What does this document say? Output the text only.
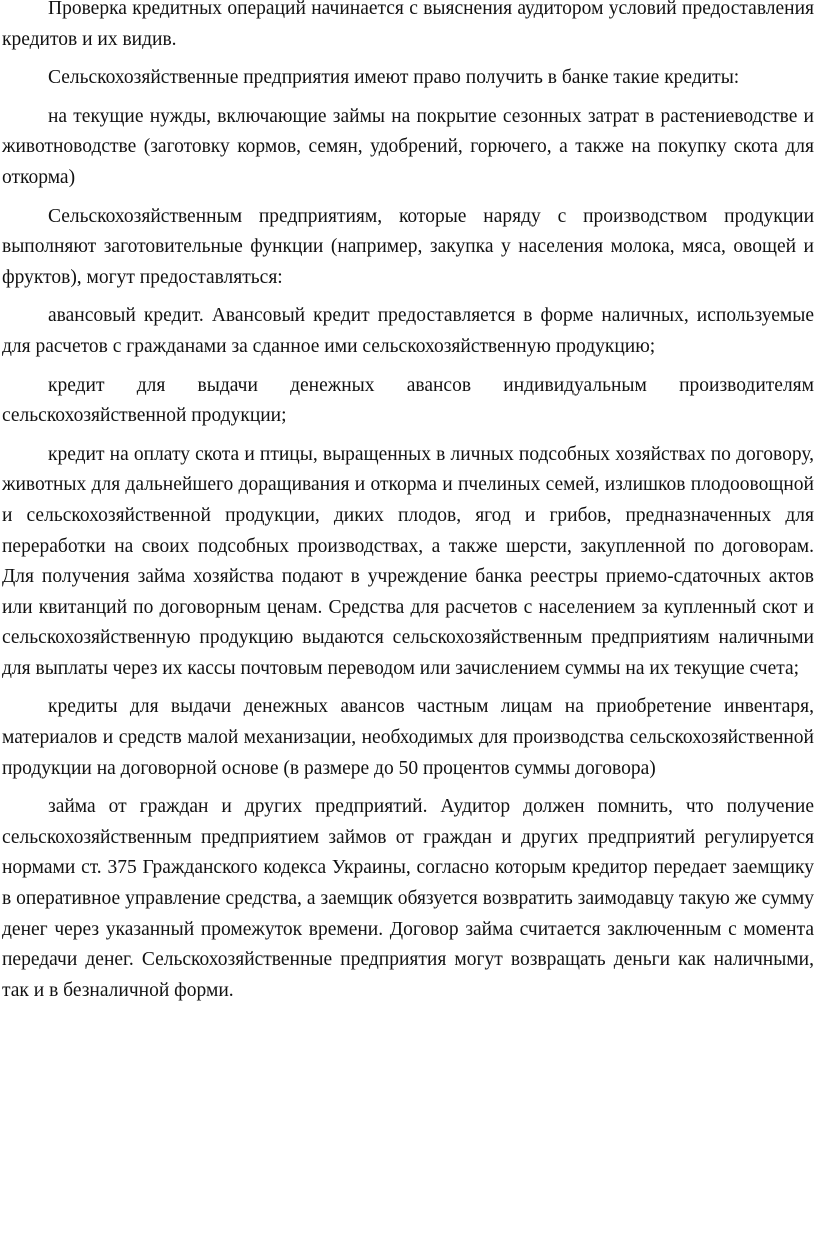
Проверка кредитных операций начинается с выяснения аудитором условий предоставления кредитов и их видив.

Сельскохозяйственные предприятия имеют право получить в банке такие кредиты:

на текущие нужды, включающие займы на покрытие сезонных затрат в растениеводстве и животноводстве (заготовку кормов, семян, удобрений, горючего, а также на покупку скота для откорма)

Сельскохозяйственным предприятиям, которые наряду с производством продукции выполняют заготовительные функции (например, закупка у населения молока, мяса, овощей и фруктов), могут предоставляться:

авансовый кредит. Авансовый кредит предоставляется в форме наличных, используемые для расчетов с гражданами за сданное ими сельскохозяйственную продукцию;

кредит для выдачи денежных авансов индивидуальным производителям сельскохозяйственной продукции;

кредит на оплату скота и птицы, выращенных в личных подсобных хозяйствах по договору, животных для дальнейшего доращивания и откорма и пчелиных семей, излишков плодоовощной и сельскохозяйственной продукции, диких плодов, ягод и грибов, предназначенных для переработки на своих подсобных производствах, а также шерсти, закупленной по договорам. Для получения займа хозяйства подают в учреждение банка реестры приемо-сдаточных актов или квитанций по договорным ценам. Средства для расчетов с населением за купленный скот и сельскохозяйственную продукцию выдаются сельскохозяйственным предприятиям наличными для выплаты через их кассы почтовым переводом или зачислением суммы на их текущие счета;

кредиты для выдачи денежных авансов частным лицам на приобретение инвентаря, материалов и средств малой механизации, необходимых для производства сельскохозяйственной продукции на договорной основе (в размере до 50 процентов суммы договора)

займа от граждан и других предприятий. Аудитор должен помнить, что получение сельскохозяйственным предприятием займов от граждан и других предприятий регулируется нормами ст. 375 Гражданского кодекса Украины, согласно которым кредитор передает заемщику в оперативное управление средства, а заемщик обязуется возвратить заимодавцу такую же сумму денег через указанный промежуток времени. Договор займа считается заключенным с момента передачи денег. Сельскохозяйственные предприятия могут возвращать деньги как наличными, так и в безналичной форми.
